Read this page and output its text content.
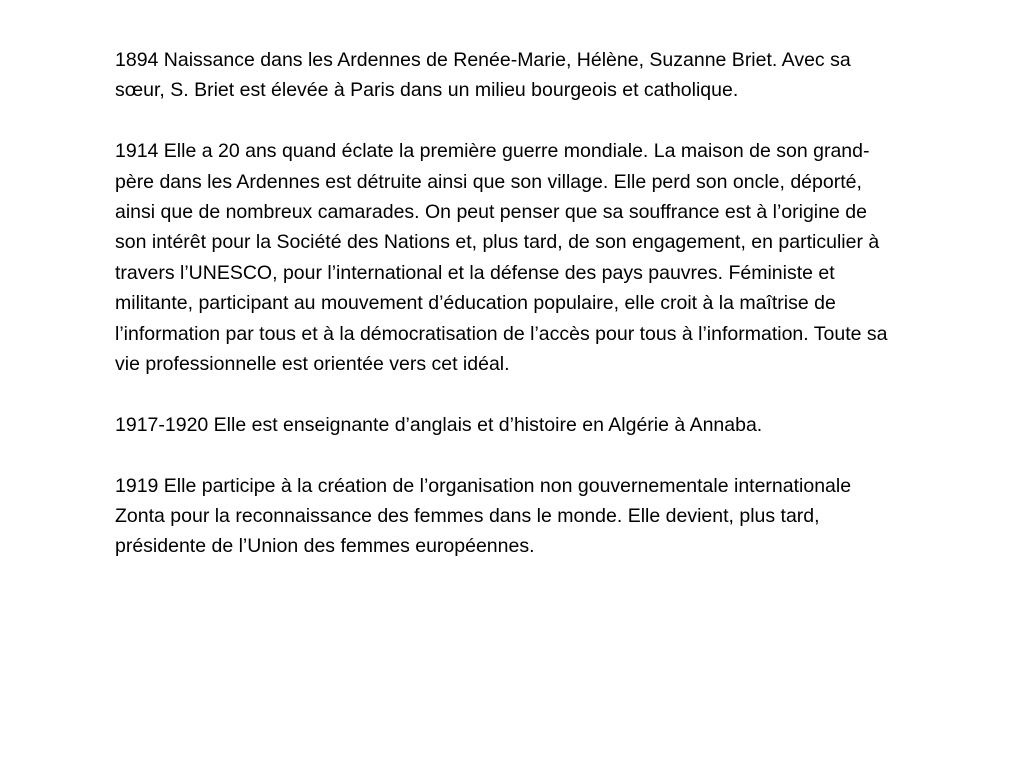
1894 Naissance dans les Ardennes de Renée-Marie, Hélène, Suzanne Briet. Avec sa sœur, S. Briet est élevée à Paris dans un milieu bourgeois et catholique.

1914 Elle a 20 ans quand éclate la première guerre mondiale. La maison de son grand-père dans les Ardennes est détruite ainsi que son village. Elle perd son oncle, déporté, ainsi que de nombreux camarades. On peut penser que sa souffrance est à l’origine de son intérêt pour la Société des Nations et, plus tard, de son engagement, en particulier à travers l’UNESCO, pour l’international et la défense des pays pauvres. Féministe et militante, participant au mouvement d’éducation populaire, elle croit à la maîtrise de l’information par tous et à la démocratisation de l’accès pour tous à l’information. Toute sa vie professionnelle est orientée vers cet idéal.

1917-1920 Elle est enseignante d’anglais et d’histoire en Algérie à Annaba.

1919 Elle participe à la création de l’organisation non gouvernementale internationale Zonta pour la reconnaissance des femmes dans le monde. Elle devient, plus tard, présidente de l’Union des femmes européennes.
